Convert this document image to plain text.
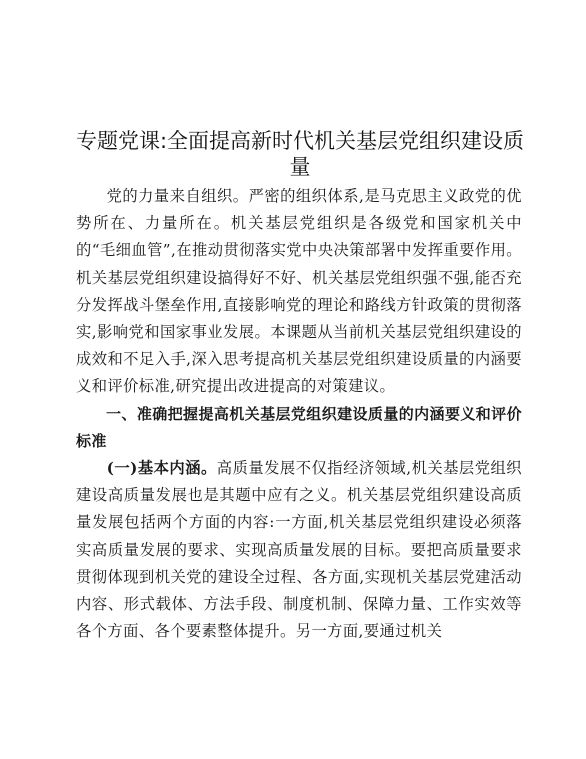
专题党课:全面提高新时代机关基层党组织建设质量

党的力量来自组织。严密的组织体系,是马克思主义政党的优势所在、力量所在。机关基层党组织是各级党和国家机关中的“毛细血管”,在推动贯彻落实党中央决策部署中发挥重要作用。机关基层党组织建设搞得好不好、机关基层党组织强不强,能否充分发挥战斗堡垒作用,直接影响党的理论和路线方针政策的贯彻落实,影响党和国家事业发展。本课题从当前机关基层党组织建设的成效和不足入手,深入思考提高机关基层党组织建设质量的内涵要义和评价标准,研究提出改进提高的对策建议。

一、准确把握提高机关基层党组织建设质量的内涵要义和评价标准

(一)基本内涵。高质量发展不仅指经济领域,机关基层党组织建设高质量发展也是其题中应有之义。机关基层党组织建设高质量发展包括两个方面的内容:一方面,机关基层党组织建设必须落实高质量发展的要求、实现高质量发展的目标。要把高质量要求贯彻体现到机关党的建设全过程、各方面,实现机关基层党建活动内容、形式载体、方法手段、制度机制、保障力量、工作实效等各个方面、各个要素整体提升。另一方面,要通过机关
